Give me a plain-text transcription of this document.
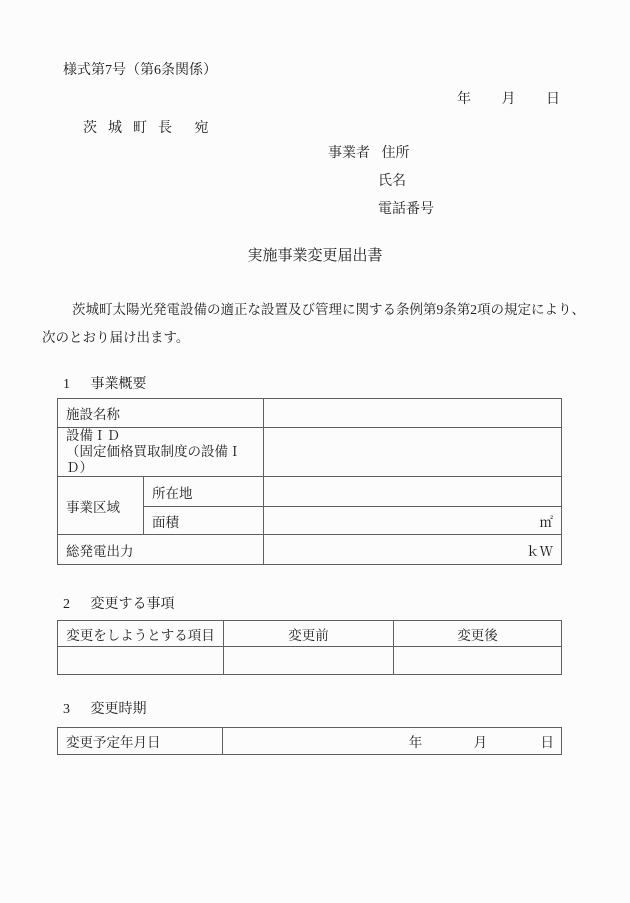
様式第7号（第6条関係）
年 月 日
茨城町長 宛
事業者 住所
氏名
電話番号
実施事業変更届出書
茨城町太陽光発電設備の適正な設置及び管理に関する条例第9条第2項の規定により、
次のとおり届け出ます。
1 事業概要
施設名称		

設備ＩＤ
（固定価格買取制度の設備ＩＤ）		

事業区域	所在地	
	面積	㎡
総発電出力		ｋＷ
2 変更する事項
変更をしようとする項目	変更前	変更後

3 変更時期
変更予定年月日	年	月	日
